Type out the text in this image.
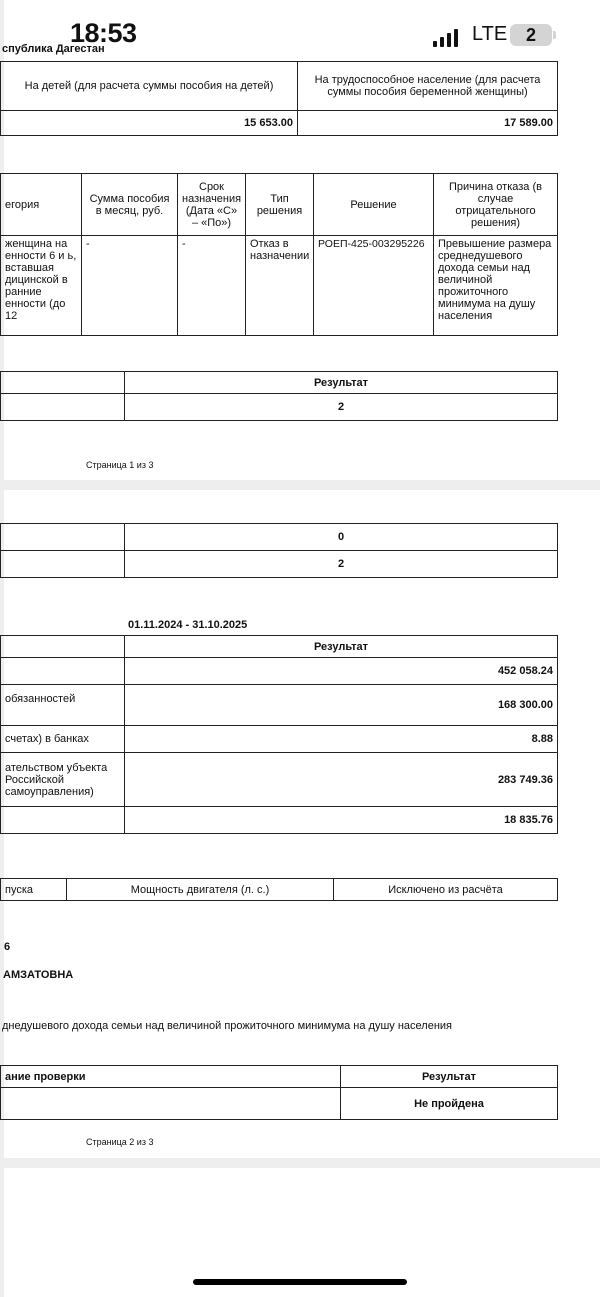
18:53	LTE	2
спублика Дагестан
На детей (для расчета суммы пособия на детей)	На трудоспособное население (для расчета суммы пособия беременной женщины)
15 653.00	17 589.00
егория	Сумма пособия в месяц, руб.	Срок назначения (Дата «С» – «По»)	Тип решения	Решение	Причина отказа (в случае отрицательного решения)
женщина на енности 6 и ь, вставшая дицинской в ранние енности (до 12	-	-	Отказ в назначении	РОЕП-425-003295226	Превышение размера среднедушевого дохода семьи над величиной прожиточного минимума на душу населения
	Результат
	2
Страница 1 из 3
	0
	2
01.11.2024 - 31.10.2025
	Результат
	452 058.24
обязанностей	168 300.00
счетах) в банках	8.88
ательством убъекта Российской самоуправления)	283 749.36
	18 835.76
пуска	Мощность двигателя (л. с.)	Исключено из расчёта
6
АМЗАТОВНА
днедушевого дохода семьи над величиной прожиточного минимума на душу населения
ание проверки	Результат
	Не пройдена
Страница 2 из 3
